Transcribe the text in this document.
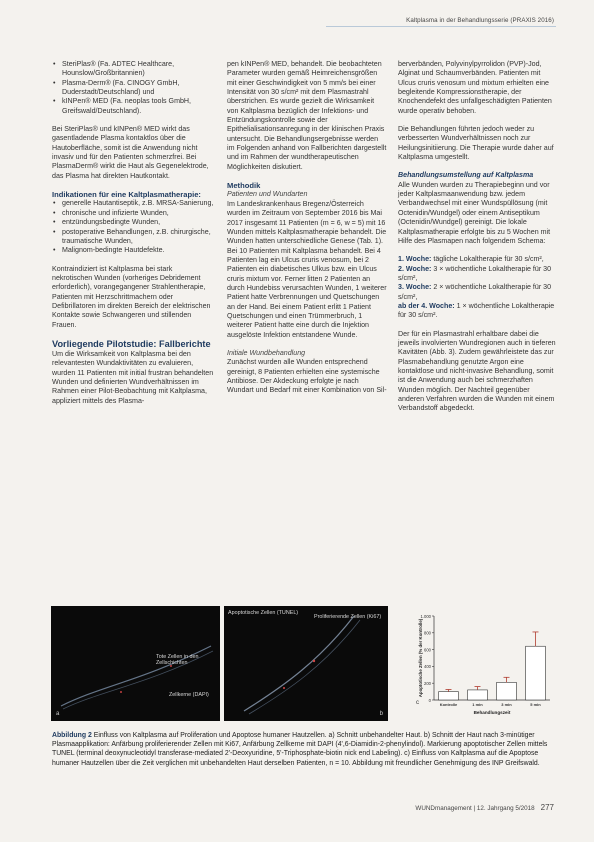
Kaltplasma in der Behandlungsserie (PRAXIS 2016)
• SteriPlas® (Fa. ADTEC Healthcare, Hounslow/Großbritannien)
• Plasma-Derm® (Fa. CINOGY GmbH, Duderstadt/Deutschland) und
• kINPen® MED (Fa. neoplas tools GmbH, Greifswald/Deutschland).

Bei SteriPlas® und kINPen® MED wirkt das gasentladende Plasma kontaktlos über die Hautoberfläche, somit ist die Anwendung nicht invasiv und für den Patienten schmerzfrei. Bei PlasmaDerm® wirkt die Haut als Gegenelektrode, das Plasma hat direkten Hautkontakt.

Indikationen für eine Kaltplasmatherapie:
• generelle Hautantiseptik, z.B. MRSA-Sanierung,
• chronische und infizierte Wunden,
• entzündungsbedingte Wunden,
• postoperative Behandlungen, z.B. chirurgische, traumatische Wunden,
• Malignom-bedingte Hautdefekte.

Kontraindiziert ist Kaltplasma bei stark nekrotischen Wunden (vorheriges Debridement erforderlich), vorangegangener Strahlentherapie, Patienten mit Herzschrittmachern oder Defibrillatoren im direkten Bereich der elektrischen Kontakte sowie Schwangeren und stillenden Frauen.

Vorliegende Pilotstudie: Fallberichte

Um die Wirksamkeit von Kaltplasma bei den relevantesten Wundaktivitäten zu evaluieren, wurden 11 Patienten mit initial frustran behandelten Wunden und definierten Wundverhältnissen im Rahmen einer Pilot-Beobachtung mit Kaltplasma, appliziert mittels des Plasma-

pen kINPen® MED, behandelt. Die beobachteten Parameter wurden gemäß Heimreichensgrößen mit einer Geschwindigkeit von 5 mm/s bei einer Intensität von 30 s/cm² mit dem Plasmastrahl überstrichen. Es wurde gezielt die Wirksamkeit von Kaltplasma bezüglich der Infektions- und Entzündungskontrolle sowie der Epithelialisationsanregung in der klinischen Praxis untersucht. Die Behandlungsergebnisse werden im Folgenden anhand von Fallberichten dargestellt und im Rahmen der wundtherapeutischen Möglichkeiten diskutiert.

Methodik
Patienten und Wundarten

Im Landeskrankenhaus Bregenz/Österreich wurden im Zeitraum von September 2016 bis Mai 2017 insgesamt 11 Patienten (m = 6, w = 5) mit 16 Wunden mittels Kaltplasmatherapie behandelt. Die Wunden hatten unterschiedliche Genese (Tab. 1). Bei 10 Patienten mit Kaltplasma behandelt. Bei 4 Patienten lag ein Ulcus cruris venosum, bei 2 Patienten ein diabetisches Ulkus bzw. ein Ulcus cruris mixtum vor. Ferner litten 2 Patienten an durch Hundebiss verursachten Wunden, 1 weiterer Patient hatte Verbrennungen und Quetschungen an der Hand. Bei einem Patient erlitt 1 Patient Quetschungen und einen Trümmerbruch, 1 weiterer Patient hatte eine durch die Injektion ausgelöste Infektion entstandene Wunde.

Initiale Wundbehandlung

Zunächst wurden alle Wunden entsprechend gereinigt, 8 Patienten erhielten eine systemische Antibiose. Der Akdeckung erfolgte je nach Wundart und Bedarf mit einer Kombination von Sil-

berverbänden, Polyvinylpyrrolidon (PVP)-Jod, Alginat und Schaumverbänden. Patienten mit Ulcus cruris venosum und mixtum erhielten eine begleitende Kompressionstherapie, der Knochendefekt des unfallgeschädigten Patienten wurde operativ behoben.

Die Behandlungen führten jedoch weder zu verbesserten Wundverhältnissen noch zur Heilungsinitiierung. Die Therapie wurde daher auf Kaltplasma umgestellt.

Behandlungsumstellung auf Kaltplasma

Alle Wunden wurden zu Therapiebeginn und vor jeder Kaltplasmaanwendung bzw. jedem Verbandwechsel mit einer Wundspüllösung (mit Octenidin/Wundgel) oder einem Antiseptikum (Octenidin/Wundgel) gereinigt. Die lokale Kaltplasmatherapie erfolgte bis zu 5 Wochen mit Hilfe des Plasmapen nach folgendem Schema:

1. Woche: tägliche Lokaltherapie für 30 s/cm²,
2. Woche: 3 × wöchentliche Lokaltherapie für 30 s/cm²,
3. Woche: 2 × wöchentliche Lokaltherapie für 30 s/cm²,
ab der 4. Woche: 1 × wöchentliche Lokaltherapie für 30 s/cm².

Der für ein Plasmastrahl erhaltbare dabei die jeweils involvierten Wundregionen auch in tieferen Kavitäten (Abb. 3). Zudem gewährleistete das zur Plasmabehandlung genutzte Argon eine kontaktlose und nicht-invasive Behandlung, somit ist die Anwendung auch bei schmerzhaften Wunden möglich. Der Nachteil gegenüber anderen Verfahren wurden die Wunden mit einem Verbandstoff abgedeckt.

Tote Zellen in den Zellschichten
Zellkerne (DAPI)
a
Apoptotische Zellen (TUNEL)
Proliferierende Zellen (Ki67)
b
0
200
400
600
800
1.000
Kontrolle	1 min	3 min	5 min
Behandlungszeit
Apoptotische Zellen (% der Kontrolle)
c
Abbildung 2 Einfluss von Kaltplasma auf Proliferation und Apoptose humaner Hautzellen. a) Schnitt unbehandelter Haut. b) Schnitt der Haut nach 3-minütiger Plasmaapplikation: Anfärbung proliferierender Zellen mit Ki67, Anfärbung Zellkerne mit DAPI (4',6-Diamidin-2-phenylindol). Markierung apoptotischer Zellen mittels TUNEL (terminal deoxynucleotidyl transferase-mediated 2'-Deoxyuridine, 5'-Triphosphate-biotin nick end Labeling). c) Einfluss von Kaltplasma auf die Apoptose humaner Hautzellen über die Zeit verglichen mit unbehandelten Haut derselben Patienten, n = 10. Abbildung mit freundlicher Genehmigung des INP Greifswald.
WUNDmanagement | 12. Jahrgang 5/2018 277
